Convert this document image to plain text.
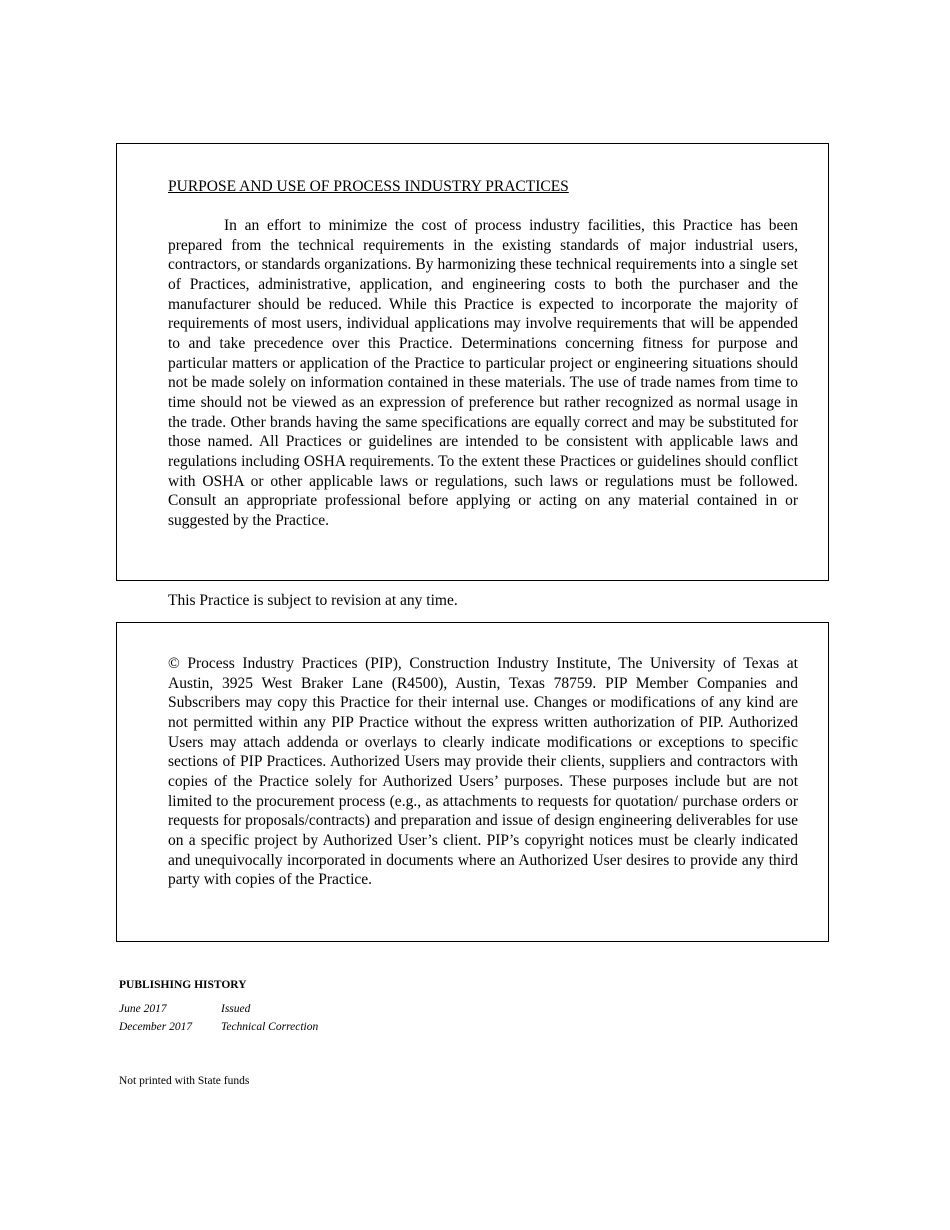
PURPOSE AND USE OF PROCESS INDUSTRY PRACTICES

In an effort to minimize the cost of process industry facilities, this Practice has been prepared from the technical requirements in the existing standards of major industrial users, contractors, or standards organizations. By harmonizing these technical requirements into a single set of Practices, administrative, application, and engineering costs to both the purchaser and the manufacturer should be reduced. While this Practice is expected to incorporate the majority of requirements of most users, individual applications may involve requirements that will be appended to and take precedence over this Practice. Determinations concerning fitness for purpose and particular matters or application of the Practice to particular project or engineering situations should not be made solely on information contained in these materials. The use of trade names from time to time should not be viewed as an expression of preference but rather recognized as normal usage in the trade. Other brands having the same specifications are equally correct and may be substituted for those named. All Practices or guidelines are intended to be consistent with applicable laws and regulations including OSHA requirements. To the extent these Practices or guidelines should conflict with OSHA or other applicable laws or regulations, such laws or regulations must be followed. Consult an appropriate professional before applying or acting on any material contained in or suggested by the Practice.

This Practice is subject to revision at any time.

© Process Industry Practices (PIP), Construction Industry Institute, The University of Texas at Austin, 3925 West Braker Lane (R4500), Austin, Texas 78759. PIP Member Companies and Subscribers may copy this Practice for their internal use. Changes or modifications of any kind are not permitted within any PIP Practice without the express written authorization of PIP. Authorized Users may attach addenda or overlays to clearly indicate modifications or exceptions to specific sections of PIP Practices. Authorized Users may provide their clients, suppliers and contractors with copies of the Practice solely for Authorized Users’ purposes. These purposes include but are not limited to the procurement process (e.g., as attachments to requests for quotation/ purchase orders or requests for proposals/contracts) and preparation and issue of design engineering deliverables for use on a specific project by Authorized User’s client. PIP’s copyright notices must be clearly indicated and unequivocally incorporated in documents where an Authorized User desires to provide any third party with copies of the Practice.

PUBLISHING HISTORY

June 2017	Issued
December 2017	Technical Correction

Not printed with State funds
